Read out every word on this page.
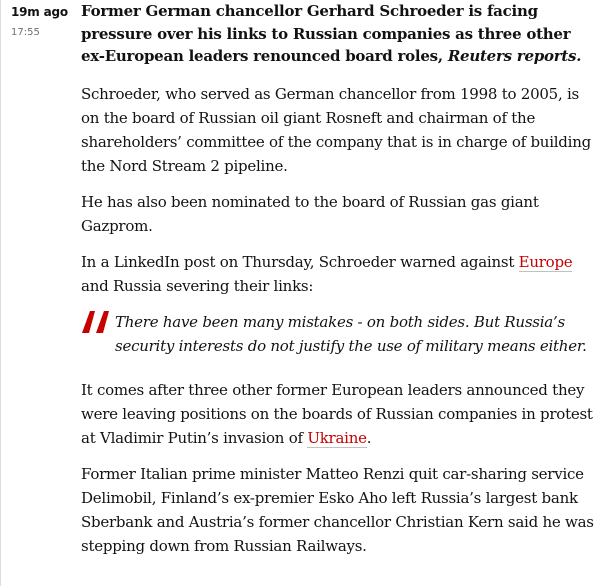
19m ago
17:55

Former German chancellor Gerhard Schroeder is facing pressure over his links to Russian companies as three other ex-European leaders renounced board roles, Reuters reports.

Schroeder, who served as German chancellor from 1998 to 2005, is on the board of Russian oil giant Rosneft and chairman of the shareholders’ committee of the company that is in charge of building the Nord Stream 2 pipeline.

He has also been nominated to the board of Russian gas giant Gazprom.

In a LinkedIn post on Thursday, Schroeder warned against Europe and Russia severing their links:

There have been many mistakes - on both sides. But Russia’s security interests do not justify the use of military means either.

It comes after three other former European leaders announced they were leaving positions on the boards of Russian companies in protest at Vladimir Putin’s invasion of Ukraine.

Former Italian prime minister Matteo Renzi quit car-sharing service Delimobil, Finland’s ex-premier Esko Aho left Russia’s largest bank Sberbank and Austria’s former chancellor Christian Kern said he was stepping down from Russian Railways.
